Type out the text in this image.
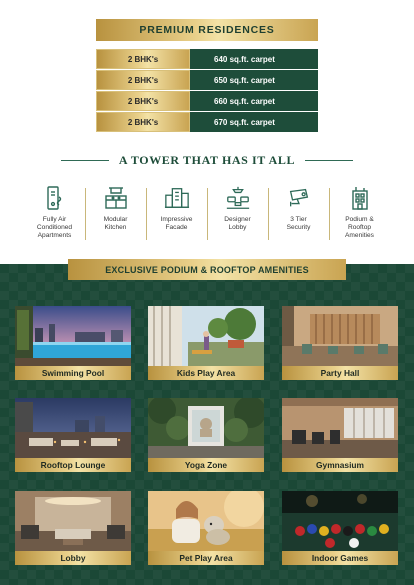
PREMIUM RESIDENCES
2 BHK's	640 sq.ft. carpet
2 BHK's	650 sq.ft. carpet
2 BHK's	660 sq.ft. carpet
2 BHK's	670 sq.ft. carpet
A TOWER THAT HAS IT ALL
Fully Air
Conditioned
Apartments
Modular
Kitchen
Impressive
Facade
Designer
Lobby
3 Tier
Security
Podium &
Rooftop
Amenities
EXCLUSIVE PODIUM & ROOFTOP AMENITIES
Swimming Pool	Kids Play Area	Party Hall
Rooftop Lounge	Yoga Zone	Gymnasium
Lobby	Pet Play Area	Indoor Games
